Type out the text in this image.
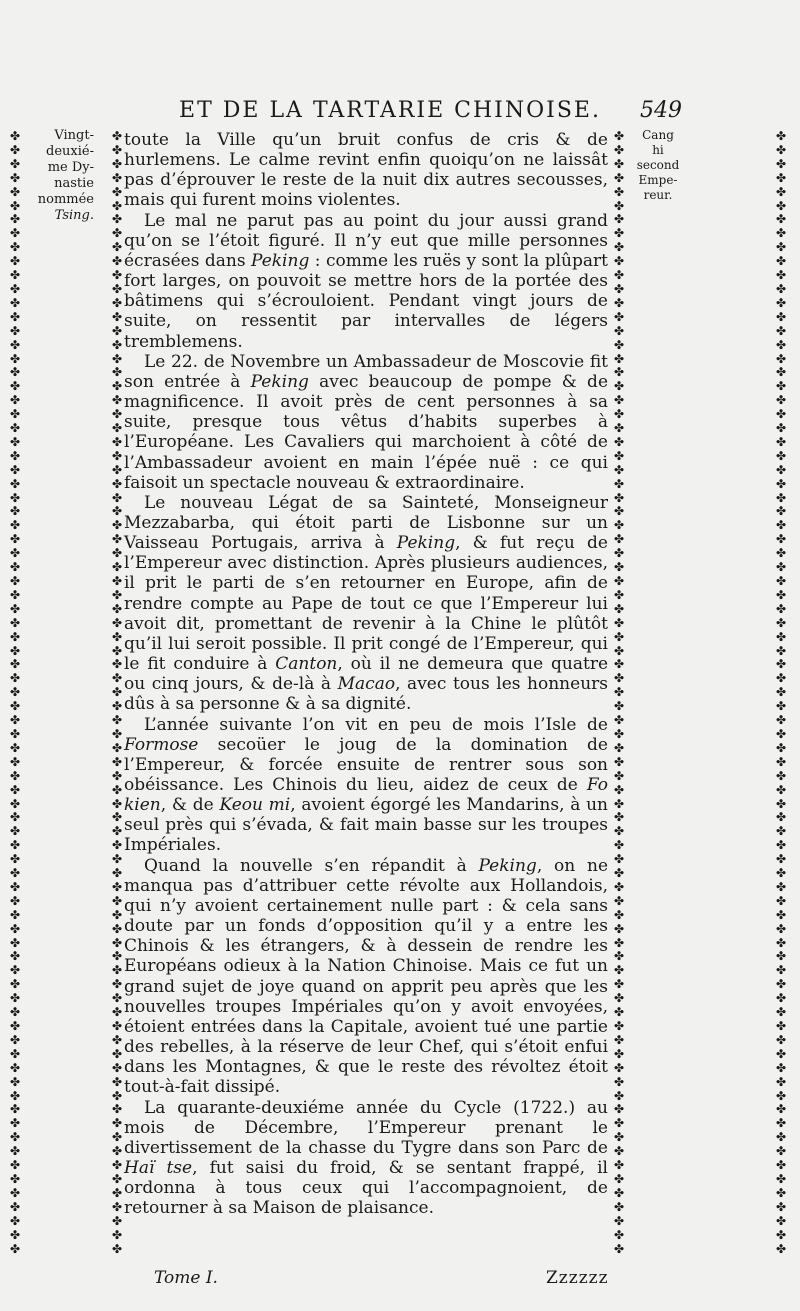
ET DE LA TARTARIE CHINOISE.	549
✤
✤
✤
✤
✤
✤
✤
✤
✤
✤
✤
✤
✤
✤
✤
✤
✤
✤
✤
✤
✤
✤
✤
✤
✤
✤
✤
✤
✤
✤
✤
✤
✤
✤
✤
✤
✤
✤
✤
✤
✤
✤
✤
✤
✤
✤
✤
✤
✤
✤
✤
✤
✤
✤
✤
✤
✤
✤
✤
✤
✤
✤
✤
✤
✤
✤
✤
✤
✤
✤
✤
✤
✤
✤
✤
✤
✤
✤
✤
✤
✤
✤
✤
✤
✤
✤
✤
✤
✤
✤
✤
✤
✤
✤
✤
✤
✤
✤
✤
✤
✤
✤
✤
✤
✤
✤
✤
✤
✤
✤
✤
✤
✤
✤
✤
✤
✤
✤
✤
✤
✤
✤
✤
✤
✤
✤
✤
✤
✤
✤
✤
✤
✤
✤
✤
✤
✤
✤
✤
✤
✤
✤
✤
✤
✤
✤
✤
✤
✤
✤
✤
✤
✤
✤
✤
✤
✤
✤
✤
✤
✤
✤
✤
✤
✤
✤
✤
✤
✤
✤
✤
✤
✤
✤
✤
✤
✤
✤
✤
✤
✤
✤
✤
✤
✤
✤
✤
✤
✤
✤
✤
✤
✤
✤
✤
✤
✤
✤
✤
✤
✤
✤
✤
✤
✤
✤
✤
✤
✤
✤
✤
✤
✤
✤
✤
✤
✤
✤
✤
✤
✤
✤
✤
✤
✤
✤
✤
✤
✤
✤
✤
✤
✤
✤
✤
✤
✤
✤
✤
✤
✤
✤
✤
✤
✤
✤
✤
✤
✤
✤
✤
✤
✤
✤
✤
✤
✤
✤
✤
✤
✤
✤
✤
✤
✤
✤
✤
✤
✤
✤
✤
✤
✤
✤
✤
✤
✤
✤
✤
✤
✤
✤
✤
✤
✤
✤
✤
✤
✤
✤
✤
✤
✤
✤
✤
✤
✤
✤
✤
✤
✤
✤
✤
✤
✤
✤
✤
✤
✤
✤
✤
✤
✤
✤
✤
✤
✤
✤
✤
✤
✤
✤
✤
✤
Vingt-
deuxié-
me Dy-
nastie
nommée
Tsing.
Cang
hi
second
Empe-
reur.

toute la Ville qu’un bruit confus de cris & de hurlemens. Le calme revint enfin quoiqu’on ne laissât pas d’éprouver le reste de la nuit dix autres secousses, mais qui furent moins violentes.

Le mal ne parut pas au point du jour aussi grand qu’on se l’étoit figuré. Il n’y eut que mille personnes écrasées dans Peking : comme les ruës y sont la plûpart fort larges, on pouvoit se mettre hors de la portée des bâtimens qui s’écrouloient. Pendant vingt jours de suite, on ressentit par intervalles de légers tremblemens.

Le 22. de Novembre un Ambassadeur de Moscovie fit son entrée à Peking avec beaucoup de pompe & de magnificence. Il avoit près de cent personnes à sa suite, presque tous vêtus d’habits superbes à l’Européane. Les Cavaliers qui marchoient à côté de l’Ambassadeur avoient en main l’épée nuë : ce qui faisoit un spectacle nouveau & extraordinaire.

Le nouveau Légat de sa Sainteté, Monseigneur Mezzabarba, qui étoit parti de Lisbonne sur un Vaisseau Portugais, arriva à Peking, & fut reçu de l’Empereur avec distinction. Après plusieurs audiences, il prit le parti de s’en retourner en Europe, afin de rendre compte au Pape de tout ce que l’Empereur lui avoit dit, promettant de revenir à la Chine le plûtôt qu’il lui seroit possible. Il prit congé de l’Empereur, qui le fit conduire à Canton, où il ne demeura que quatre ou cinq jours, & de-là à Macao, avec tous les honneurs dûs à sa personne & à sa dignité.

L’année suivante l’on vit en peu de mois l’Isle de Formose secoüer le joug de la domination de l’Empereur, & forcée ensuite de rentrer sous son obéissance. Les Chinois du lieu, aidez de ceux de Fo kien, & de Keou mi, avoient égorgé les Mandarins, à un seul près qui s’évada, & fait main basse sur les troupes Impériales.

Quand la nouvelle s’en répandit à Peking, on ne manqua pas d’attribuer cette révolte aux Hollandois, qui n’y avoient certainement nulle part : & cela sans doute par un fonds d’opposition qu’il y a entre les Chinois & les étrangers, & à dessein de rendre les Européans odieux à la Nation Chinoise. Mais ce fut un grand sujet de joye quand on apprit peu après que les nouvelles troupes Impériales qu’on y avoit envoyées, étoient entrées dans la Capitale, avoient tué une partie des rebelles, à la réserve de leur Chef, qui s’étoit enfui dans les Montagnes, & que le reste des révoltez étoit tout-à-fait dissipé.

La quarante-deuxiéme année du Cycle (1722.) au mois de Décembre, l’Empereur prenant le divertissement de la chasse du Tygre dans son Parc de Haï tse, fut saisi du froid, & se sentant frappé, il ordonna à tous ceux qui l’accompagnoient, de retourner à sa Maison de plaisance.

Tome I.	Zzzzzz
